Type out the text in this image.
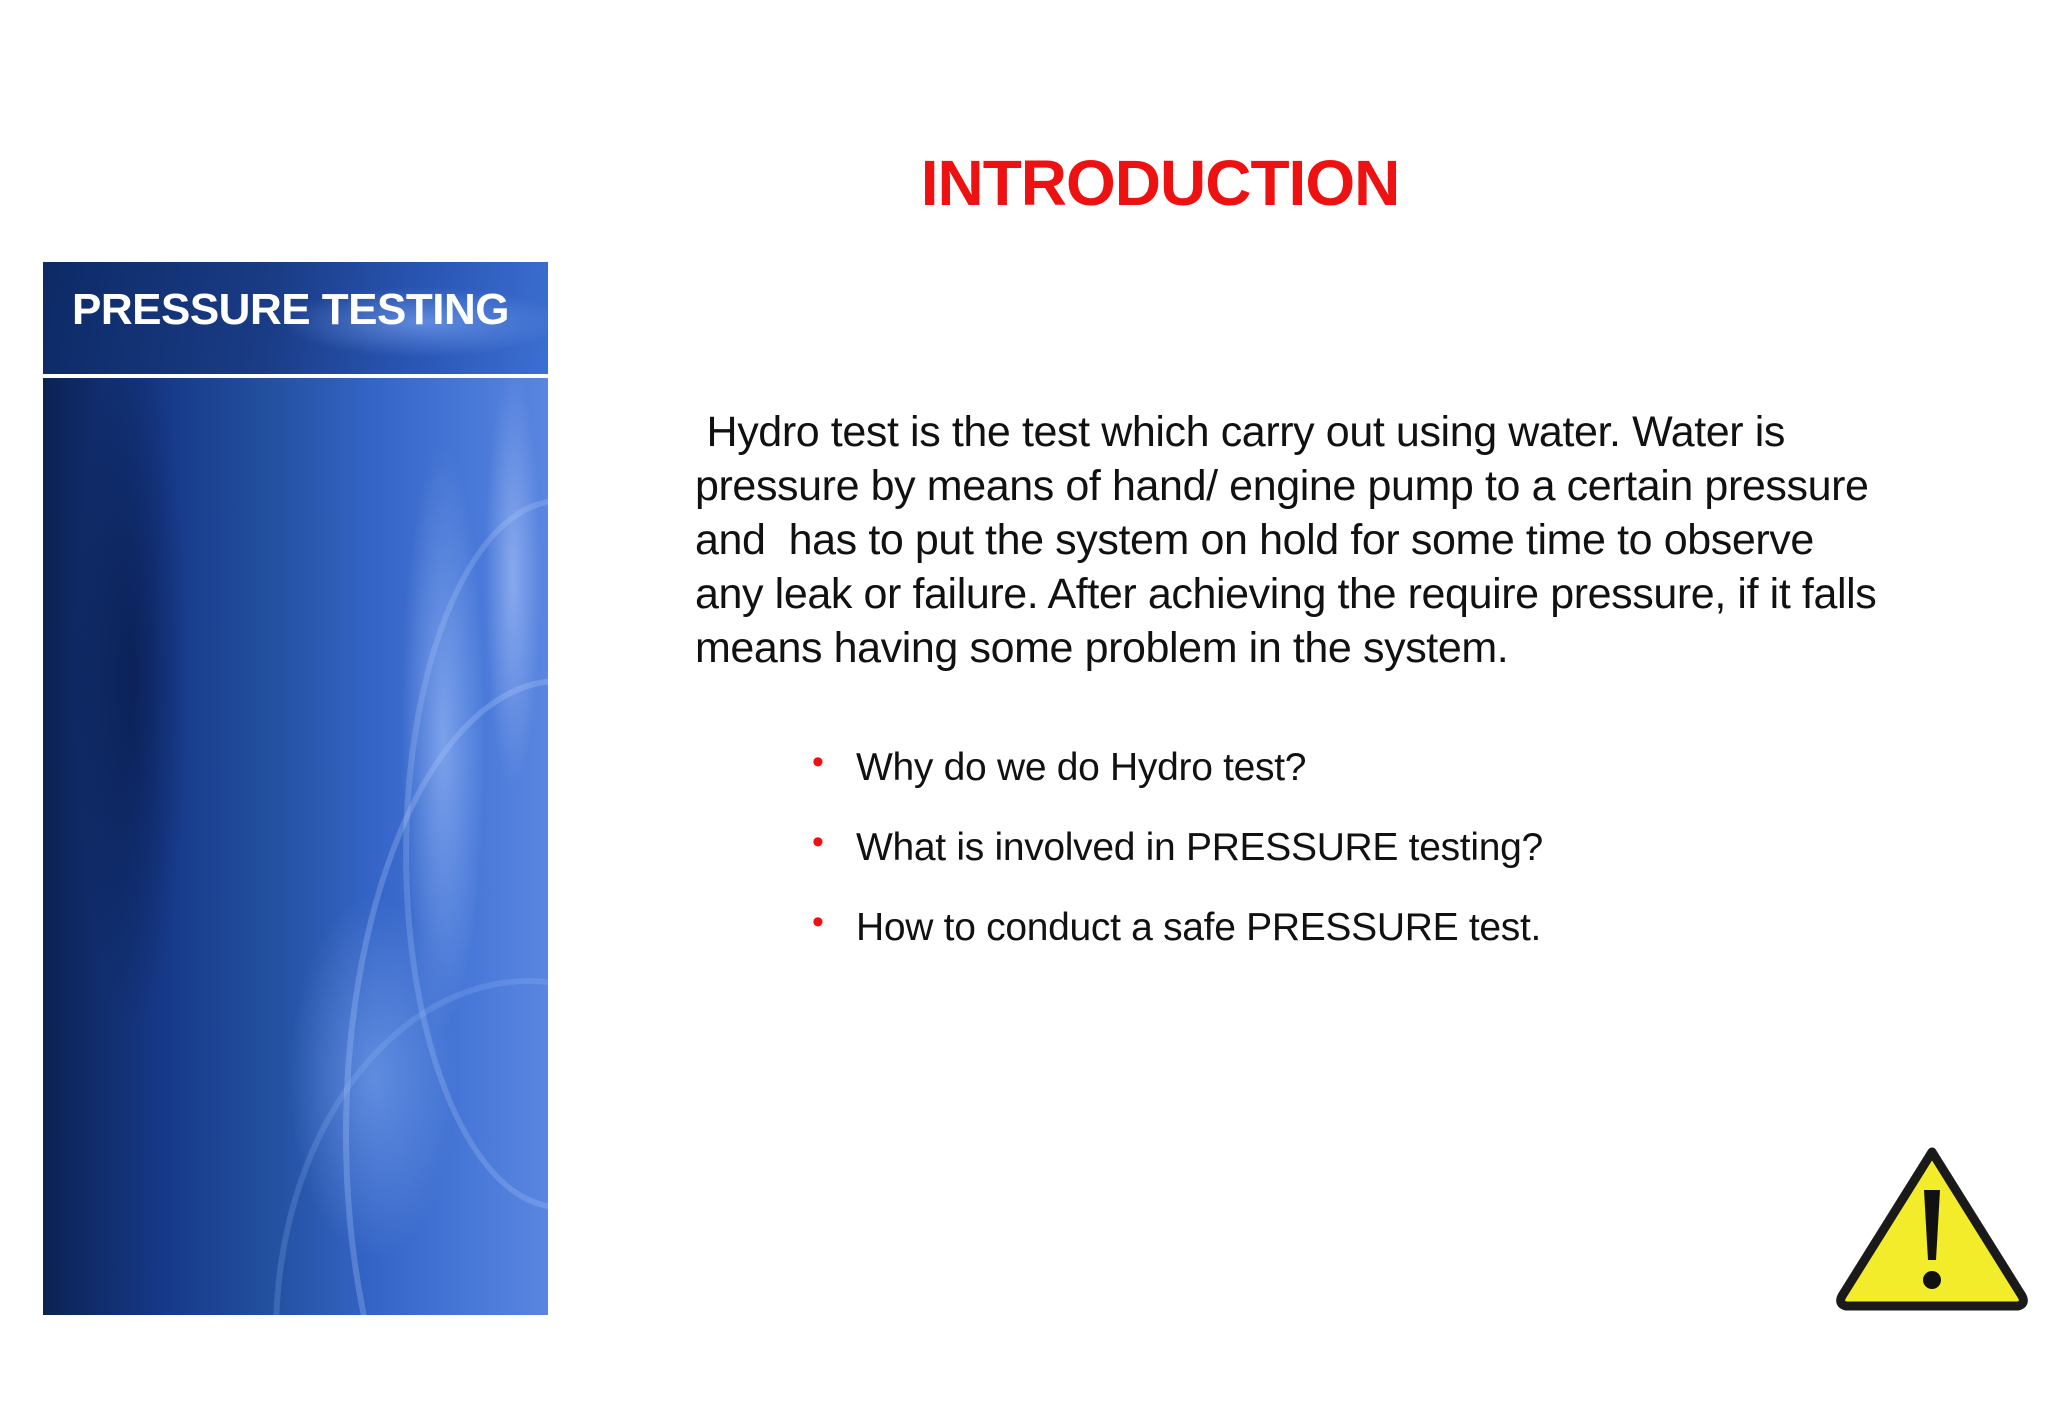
INTRODUCTION
PRESSURE TESTING

Hydro test is the test which carry out using water. Water is
pressure by means of hand/ engine pump to a certain pressure
and  has to put the system on hold for some time to observe
any leak or failure. After achieving the require pressure, if it falls
means having some problem in the system.

• Why do we do Hydro test?
• What is involved in PRESSURE testing?
• How to conduct a safe PRESSURE test.
